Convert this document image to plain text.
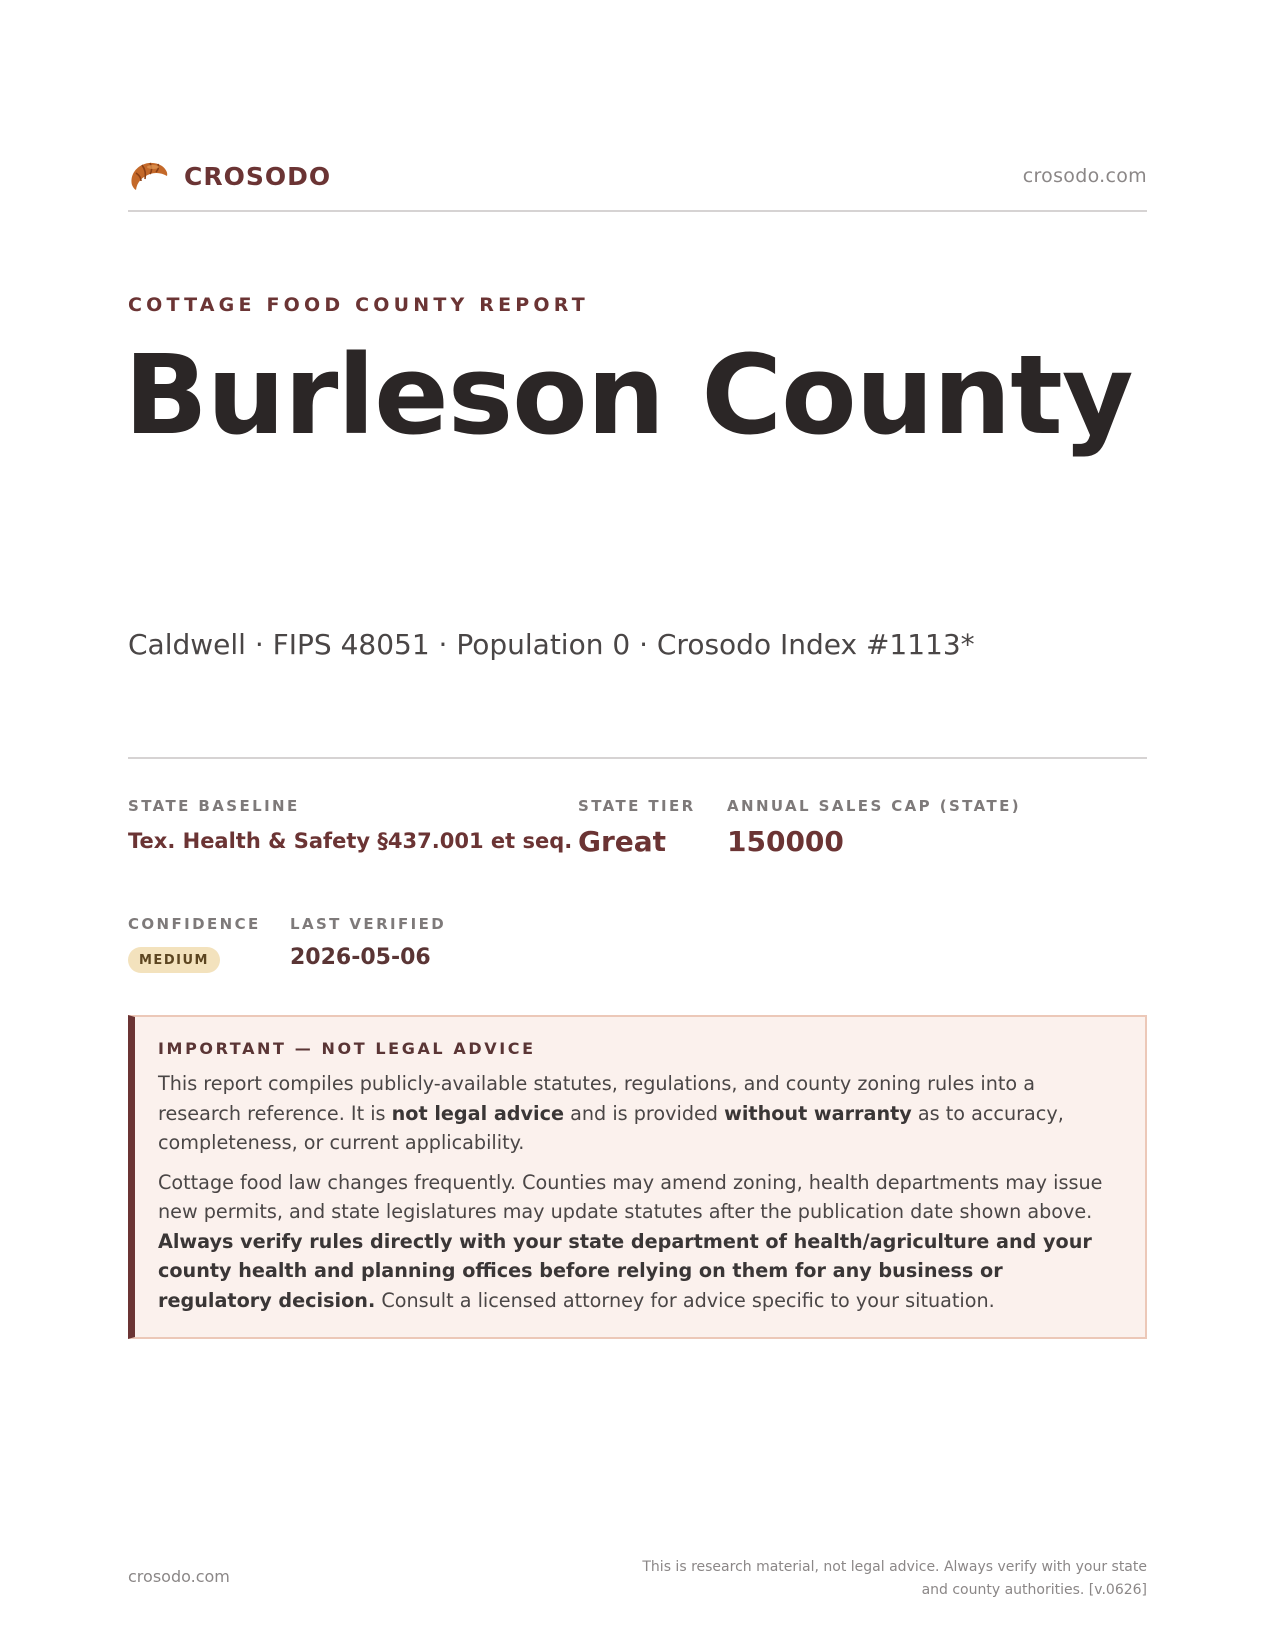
CROSODO	crosodo.com
COTTAGE FOOD COUNTY REPORT
Burleson County
Caldwell · FIPS 48051 · Population 0 · Crosodo Index #1113*
STATE BASELINE
Tex. Health & Safety §437.001 et seq.
STATE TIER
Great
ANNUAL SALES CAP (STATE)
150000
CONFIDENCE
MEDIUM
LAST VERIFIED
2026-05-06
IMPORTANT — NOT LEGAL ADVICE

This report compiles publicly-available statutes, regulations, and county zoning rules into a research reference. It is not legal advice and is provided without warranty as to accuracy, completeness, or current applicability.

Cottage food law changes frequently. Counties may amend zoning, health departments may issue new permits, and state legislatures may update statutes after the publication date shown above. Always verify rules directly with your state department of health/agriculture and your county health and planning offices before relying on them for any business or regulatory decision. Consult a licensed attorney for advice specific to your situation.

crosodo.com	This is research material, not legal advice. Always verify with your state and county authorities. [v.0626]
